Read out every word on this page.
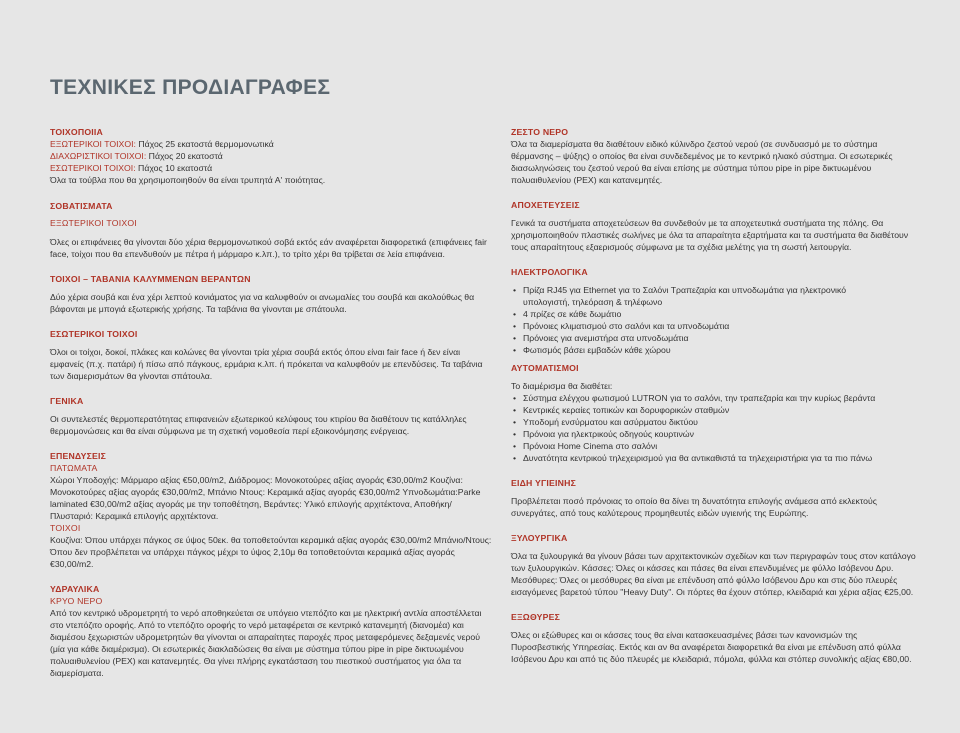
ΤΕΧΝΙΚΕΣ ΠΡΟΔΙΑΓΡΑΦΕΣ
ΤΟΙΧΟΠΟΙΙΑ

ΕΞΩΤΕΡΙΚΟΙ ΤΟΙΧΟΙ: Πάχος 25 εκατοστά θερμομονωτικά

ΔΙΑΧΩΡΙΣΤΙΚΟΙ ΤΟΙΧΟΙ: Πάχος 20 εκατοστά

ΕΣΩΤΕΡΙΚΟΙ ΤΟΙΧΟΙ: Πάχος 10 εκατοστά

Όλα τα τούβλα που θα χρησιμοποιηθούν θα είναι τρυπητά Α' ποιότητας.

ΣΟΒΑΤΙΣΜΑΤΑ
ΕΞΩΤΕΡΙΚΟΙ ΤΟΙΧΟΙ

Όλες οι επιφάνειες θα γίνονται δύο χέρια θερμομονωτικού σοβά εκτός εάν αναφέρεται διαφορετικά (επιφάνειες fair face, τοίχοι που θα επενδυθούν με πέτρα ή μάρμαρο κ.λπ.), το τρίτο χέρι θα τρίβεται σε λεία επιφάνεια.

ΤΟΙΧΟΙ – ΤΑΒΑΝΙΑ ΚΑΛΥΜΜΕΝΩΝ ΒΕΡΑΝΤΩΝ

Δύο χέρια σουβά και ένα χέρι λεπτού κονιάματος για να καλυφθούν οι ανωμαλίες του σουβά και ακολούθως θα βάφονται με μπογιά εξωτερικής χρήσης. Τα ταβάνια θα γίνονται με σπάτουλα.

ΕΣΩΤΕΡΙΚΟΙ ΤΟΙΧΟΙ

Όλοι οι τοίχοι, δοκοί, πλάκες και κολώνες θα γίνονται τρία χέρια σουβά εκτός όπου είναι fair face ή δεν είναι εμφανείς (π.χ. πατάρι) ή πίσω από πάγκους, ερμάρια κ.λπ. ή πρόκειται να καλυφθούν με επενδύσεις. Τα ταβάνια των διαμερισμάτων θα γίνονται σπάτουλα.

ΓΕΝΙΚΑ

Οι συντελεστές θερμοπερατότητας επιφανειών εξωτερικού κελύφους του κτιρίου θα διαθέτουν τις κατάλληλες θερμομονώσεις και θα είναι σύμφωνα με τη σχετική νομοθεσία περί εξοικονόμησης ενέργειας.

ΕΠΕΝΔΥΣΕΙΣ
ΠΑΤΩΜΑΤΑ

Χώροι Υποδοχής: Μάρμαρο αξίας €50,00/m2, Διάδρομος: Μονοκοτούρες αξίας αγοράς €30,00/m2 Κουζίνα: Μονοκοτούρες αξίας αγοράς €30,00/m2, Μπάνιο Ντους: Κεραμικά αξίας αγοράς €30,00/m2 Υπνοδωμάτια:Parke laminated €30,00/m2 αξίας αγοράς με την τοποθέτηση, Βεράντες: Υλικό επιλογής αρχιτέκτονα, Αποθήκη/Πλυσταριό: Κεραμικά επιλογής αρχιτέκτονα.

ΤΟΙΧΟΙ

Κουζίνα: Όπου υπάρχει πάγκος σε ύψος 50εκ. θα τοποθετούνται κεραμικά αξίας αγοράς €30,00/m2 Μπάνιο/Ντους: Όπου δεν προβλέπεται να υπάρχει πάγκος μέχρι το ύψος 2,10μ θα τοποθετούνται κεραμικά αξίας αγοράς €30,00/m2.

ΥΔΡΑΥΛΙΚΑ
ΚΡΥΟ ΝΕΡΟ

Από τον κεντρικό υδρομετρητή το νερό αποθηκεύεται σε υπόγειο ντεπόζιτο και με ηλεκτρική αντλία αποστέλλεται στο ντεπόζιτο οροφής. Από το ντεπόζιτο οροφής το νερό μεταφέρεται σε κεντρικό κατανεμητή (διανομέα) και διαμέσου ξεχωριστών υδρομετρητών θα γίνονται οι απαραίτητες παροχές προς μεταφερόμενες δεξαμενές νερού (μία για κάθε διαμέρισμα). Οι εσωτερικές διακλαδώσεις θα είναι με σύστημα τύπου pipe in pipe δικτυωμένου πολυαιθυλενίου (PEX) και κατανεμητές. Θα γίνει πλήρης εγκατάσταση του πιεστικού συστήματος για όλα τα διαμερίσματα.

ΖΕΣΤΟ ΝΕΡΟ

Όλα τα διαμερίσματα θα διαθέτουν ειδικό κύλινδρο ζεστού νερού (σε συνδυασμό με το σύστημα θέρμανσης – ψύξης) ο οποίος θα είναι συνδεδεμένος με το κεντρικό ηλιακό σύστημα. Οι εσωτερικές διασωληνώσεις του ζεστού νερού θα είναι επίσης με σύστημα τύπου pipe in pipe δικτυωμένου πολυαιθυλενίου (PEX) και κατανεμητές.

ΑΠΟΧΕΤΕΥΣΕΙΣ

Γενικά τα συστήματα αποχετεύσεων θα συνδεθούν με τα αποχετευτικά συστήματα της πόλης. Θα χρησιμοποιηθούν πλαστικές σωλήνες με όλα τα απαραίτητα εξαρτήματα και τα συστήματα θα διαθέτουν τους απαραίτητους εξαερισμούς σύμφωνα με τα σχέδια μελέτης για τη σωστή λειτουργία.

ΗΛΕΚΤΡΟΛΟΓΙΚΑ
• Πρίζα RJ45 για Ethernet για το Σαλόνι Τραπεζαρία και υπνοδωμάτια για ηλεκτρονικό
υπολογιστή, τηλεόραση & τηλέφωνο
• 4 πρίζες σε κάθε δωμάτιο
• Πρόνοιες κλιματισμού στο σαλόνι και τα υπνοδωμάτια
• Πρόνοιες για ανεμιστήρα στα υπνοδωμάτια
• Φωτισμός βάσει εμβαδών κάθε χώρου
ΑΥΤΟΜΑΤΙΣΜΟΙ

Το διαμέρισμα θα διαθέτει:

• Σύστημα ελέγχου φωτισμού LUTRON για το σαλόνι, την τραπεζαρία και την κυρίως βεράντα
• Κεντρικές κεραίες τοπικών και δορυφορικών σταθμών
• Υποδομή ενσύρματου και ασύρματου δικτύου
• Πρόνοια για ηλεκτρικούς οδηγούς κουρτινών
• Πρόνοια Home Cinema στο σαλόνι
• Δυνατότητα κεντρικού τηλεχειρισμού για θα αντικαθιστά τα τηλεχειριστήρια για τα πιο πάνω
ΕΙΔΗ ΥΓΙΕΙΝΗΣ

Προβλέπεται ποσό πρόνοιας το οποίο θα δίνει τη δυνατότητα επιλογής ανάμεσα από εκλεκτούς συνεργάτες, από τους καλύτερους προμηθευτές ειδών υγιεινής της Ευρώπης.

ΞΥΛΟΥΡΓΙΚΑ

Όλα τα ξυλουργικά θα γίνουν βάσει των αρχιτεκτονικών σχεδίων και των περιγραφών τους στον κατάλογο των ξυλουργικών. Κάσσες: Όλες οι κάσσες και πάσες θα είναι επενδυμένες με φύλλο Ισόβενου Δρυ. Μεσόθυρες: Όλες οι μεσόθυρες θα είναι με επένδυση από φύλλο Ισόβενου Δρυ και στις δύο πλευρές εισαγόμενες βαρετού τύπου "Heavy Duty". Οι πόρτες θα έχουν στόπερ, κλειδαριά και χέρια αξίας €25,00.

ΕΞΩΘΥΡΕΣ

Όλες οι εξώθυρες και οι κάσσες τους θα είναι κατασκευασμένες βάσει των κανονισμών της Πυροσβεστικής Υπηρεσίας. Εκτός και αν θα αναφέρεται διαφορετικά θα είναι με επένδυση από φύλλα Ισόβενου Δρυ και από τις δύο πλευρές με κλειδαριά, πόμολα, φύλλα και στόπερ συνολικής αξίας €80,00.
